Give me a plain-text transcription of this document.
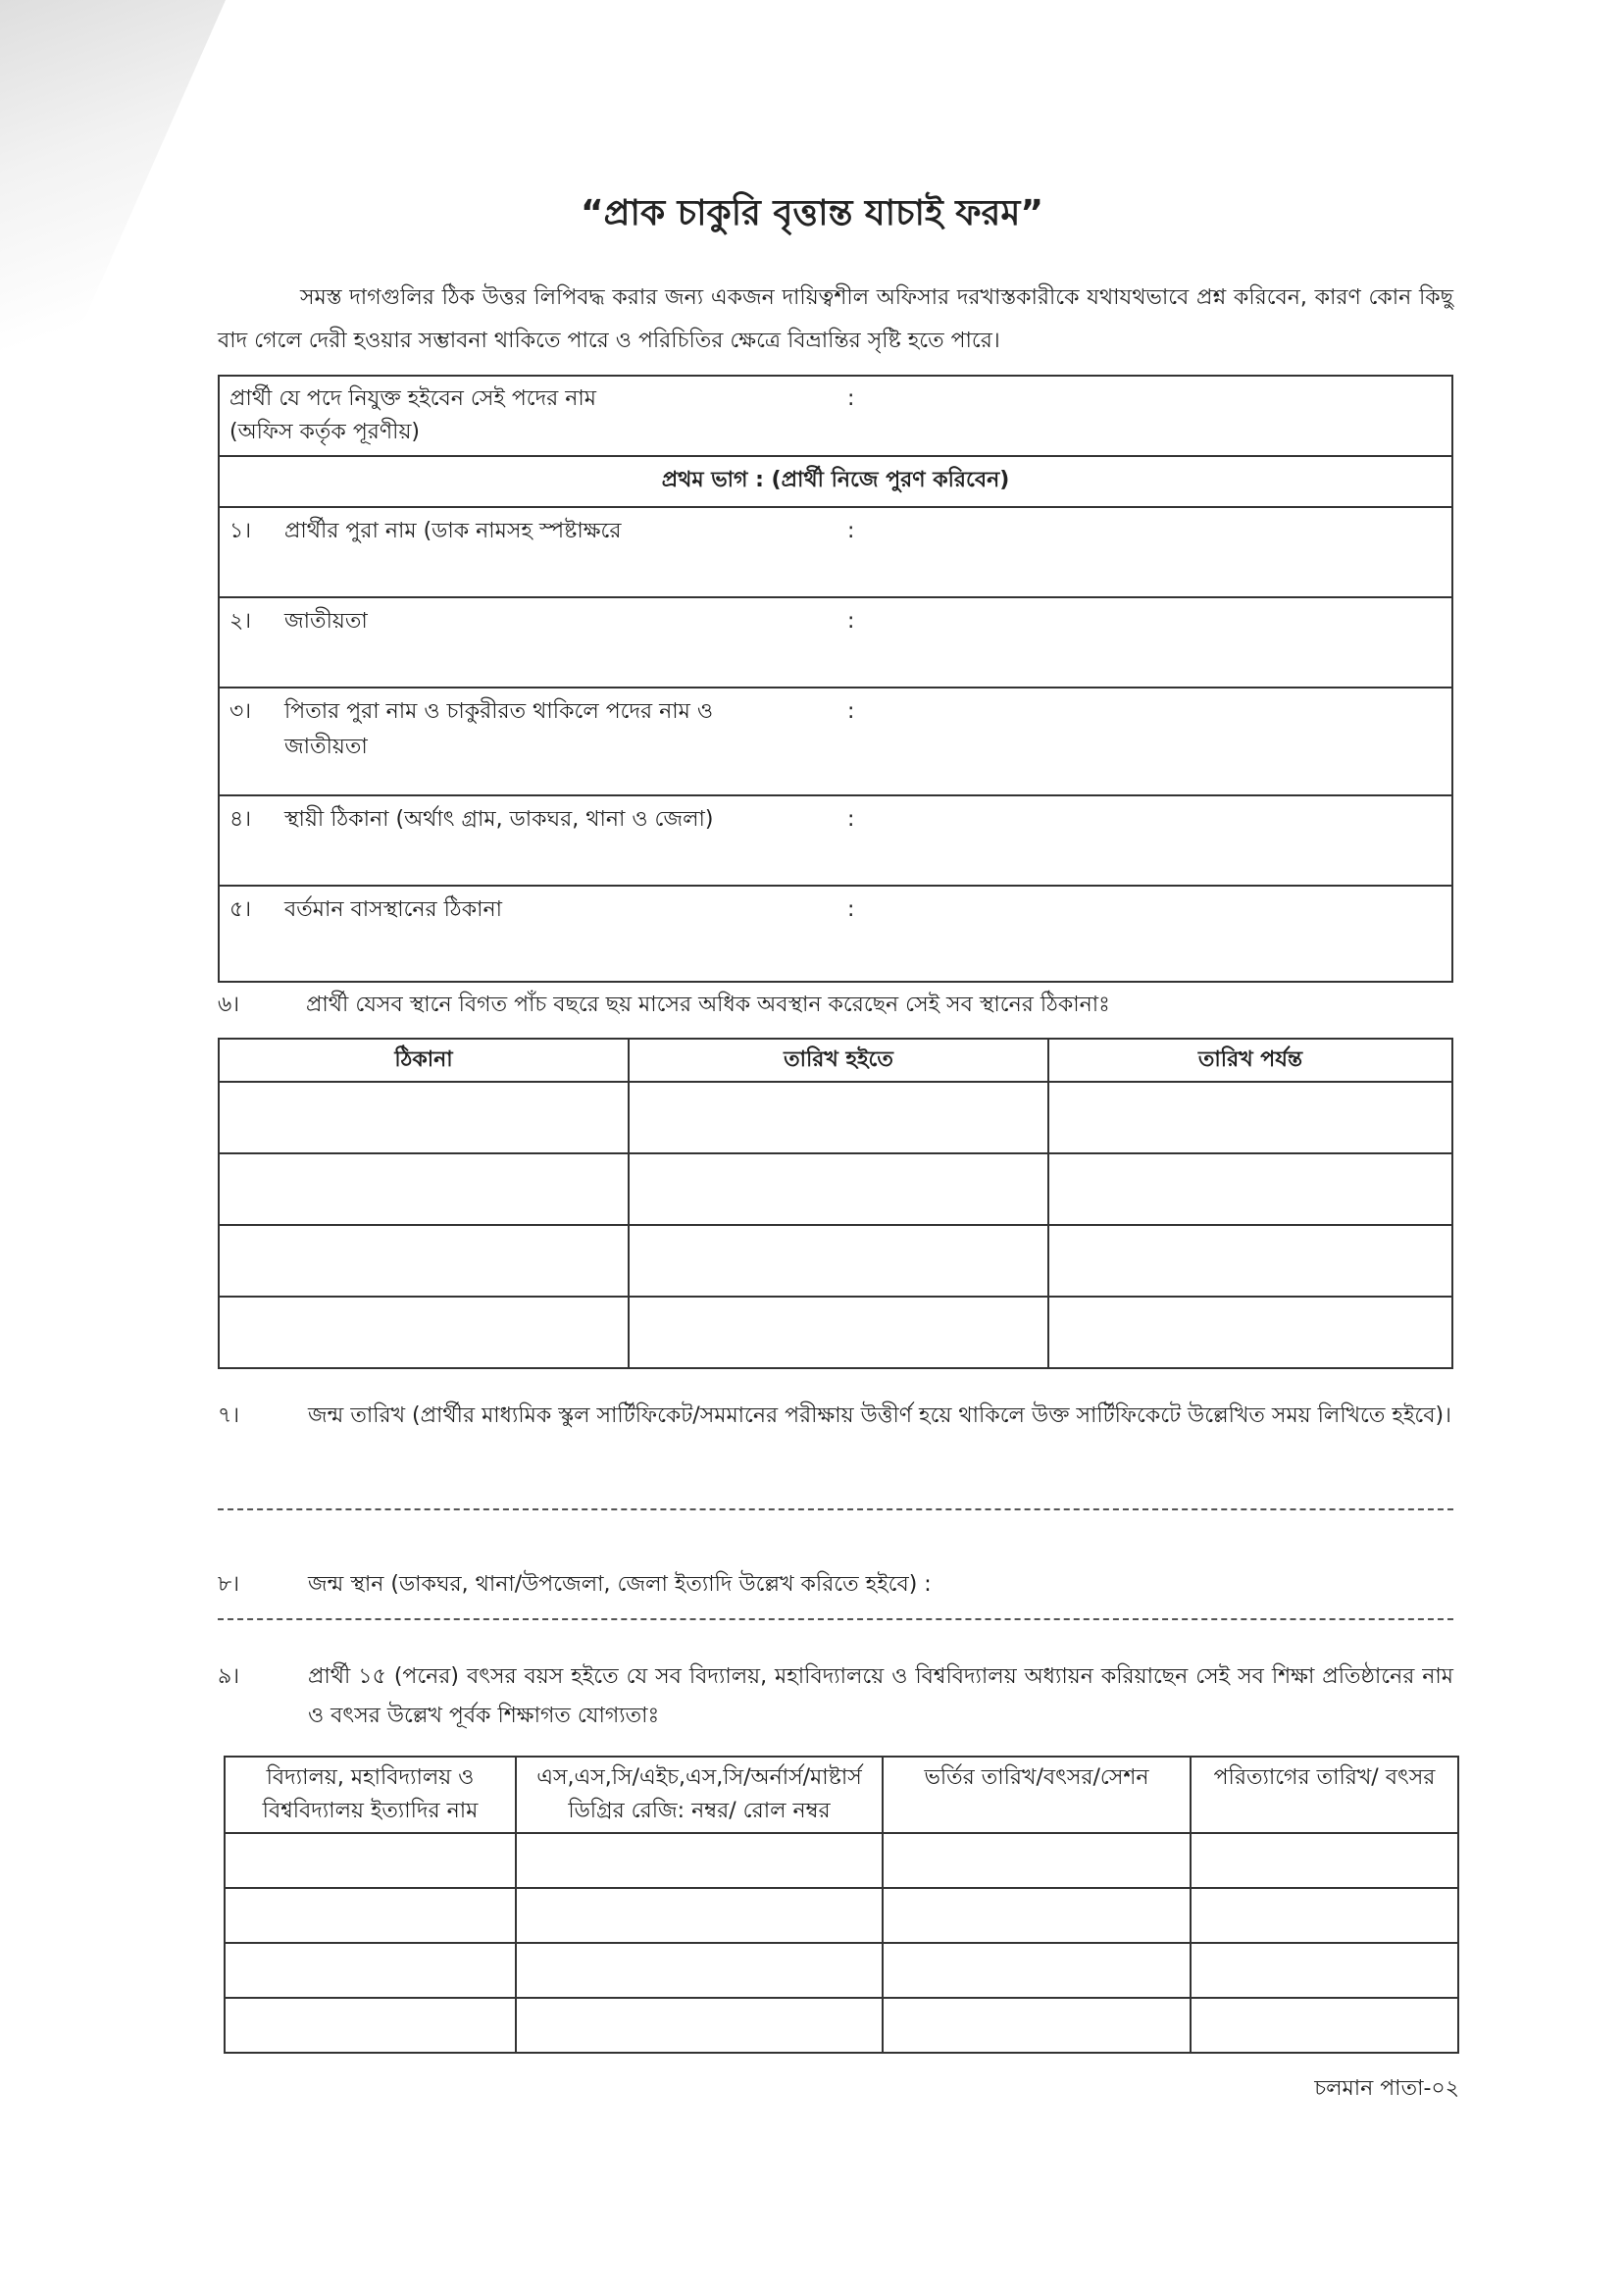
“প্রাক চাকুরি বৃত্তান্ত যাচাই ফরম”
সমস্ত দাগগুলির ঠিক উত্তর লিপিবদ্ধ করার জন্য একজন দায়িত্বশীল অফিসার দরখাস্তকারীকে যথাযথভাবে প্রশ্ন করিবেন, কারণ কোন কিছু বাদ গেলে দেরী হওয়ার সম্ভাবনা থাকিতে পারে ও পরিচিতির ক্ষেত্রে বিভ্রান্তির সৃষ্টি হতে পারে।
প্রার্থী যে পদে নিযুক্ত হইবেন সেই পদের নাম
(অফিস কর্তৃক পূরণীয়):
প্রথম ভাগ : (প্রার্থী নিজে পুরণ করিবেন)
১। প্রার্থীর পুরা নাম (ডাক নামসহ স্পষ্টাক্ষরে	:
২। জাতীয়তা	:
৩। পিতার পুরা নাম ও চাকুরীরত থাকিলে পদের নাম ও জাতীয়তা:
৪। স্থায়ী ঠিকানা (অর্থাৎ গ্রাম, ডাকঘর, থানা ও জেলা)	:
৫। বর্তমান বাসস্থানের ঠিকানা	:
৬।	প্রার্থী যেসব স্থানে বিগত পাঁচ বছরে ছয় মাসের অধিক অবস্থান করেছেন সেই সব স্থানের ঠিকানাঃ
ঠিকানা	তারিখ হইতে	তারিখ পর্যন্ত

৭।	জন্ম তারিখ (প্রার্থীর মাধ্যমিক স্কুল সার্টিফিকেট/সমমানের পরীক্ষায় উত্তীর্ণ হয়ে থাকিলে উক্ত সার্টিফিকেটে উল্লেখিত সময় লিখিতে হইবে)।
৮।	জন্ম স্থান (ডাকঘর, থানা/উপজেলা, জেলা ইত্যাদি উল্লেখ করিতে হইবে) :
৯।	প্রার্থী ১৫ (পনের) বৎসর বয়স হইতে যে সব বিদ্যালয়, মহাবিদ্যালয়ে ও বিশ্ববিদ্যালয় অধ্যায়ন করিয়াছেন সেই সব শিক্ষা প্রতিষ্ঠানের নাম ও বৎসর উল্লেখ পূর্বক শিক্ষাগত যোগ্যতাঃ
বিদ্যালয়, মহাবিদ্যালয় ও বিশ্ববিদ্যালয় ইত্যাদির নাম	এস,এস,সি/এইচ,এস,সি/অর্নার্স/মাষ্টার্স ডিগ্রির রেজি: নম্বর/ রোল নম্বর	ভর্তির তারিখ/বৎসর/সেশন	পরিত্যাগের তারিখ/ বৎসর

চলমান পাতা-০২
